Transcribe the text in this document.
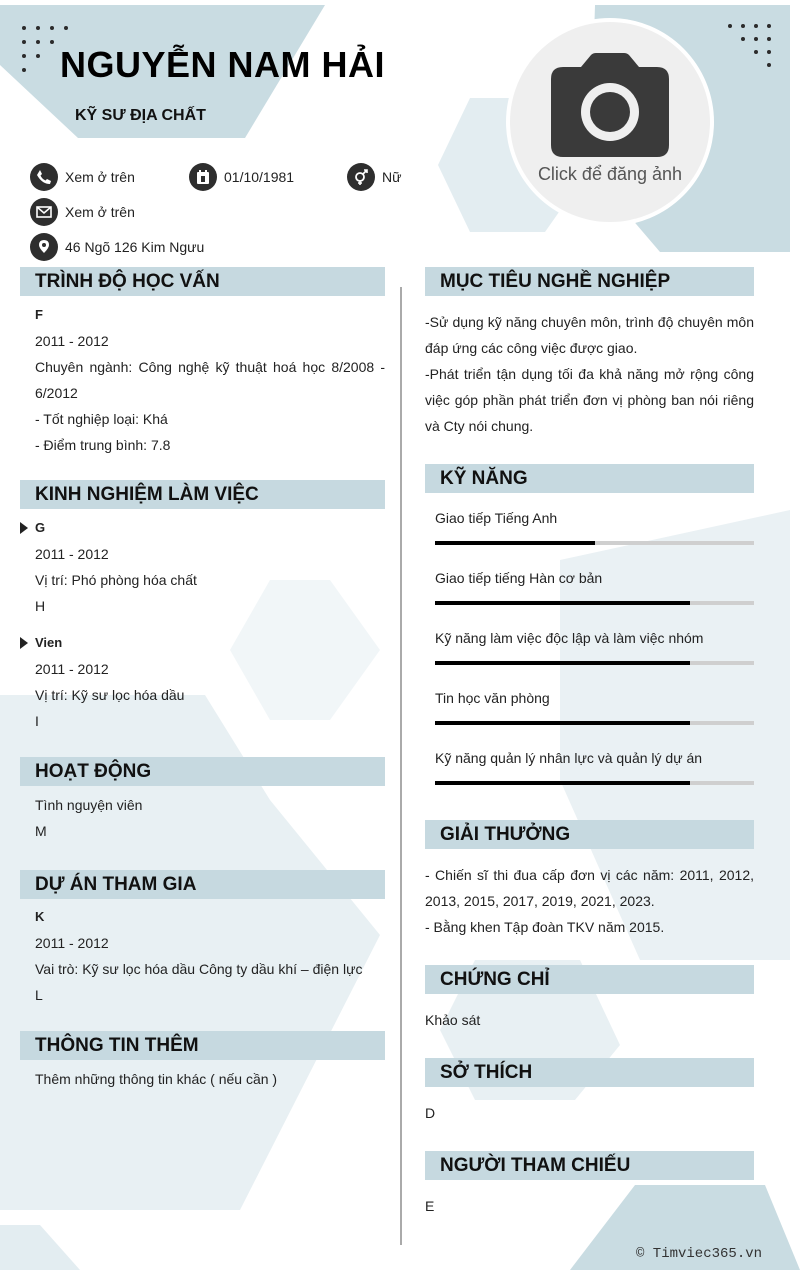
NGUYỄN NAM HẢI
KỸ SƯ ĐỊA CHẤT
Click để đăng ảnh
Xem ở trên	01/10/1981	Nữ
Xem ở trên
46 Ngõ 126 Kim Ngưu
TRÌNH ĐỘ HỌC VẤN
F
2011 - 2012
Chuyên ngành: Công nghệ kỹ thuật hoá học 8/2008 -
6/2012
- Tốt nghiệp loại: Khá
- Điểm trung bình: 7.8
KINH NGHIỆM LÀM VIỆC
G
2011 - 2012
Vị trí: Phó phòng hóa chất
H
Vien
2011 - 2012
Vị trí: Kỹ sư lọc hóa dầu
I
HOẠT ĐỘNG
Tình nguyện viên
M
DỰ ÁN THAM GIA
K
2011 - 2012
Vai trò: Kỹ sư lọc hóa dầu Công ty dầu khí – điện lực
L
THÔNG TIN THÊM
Thêm những thông tin khác ( nếu cần )
MỤC TIÊU NGHỀ NGHIỆP
-Sử dụng kỹ năng chuyên môn, trình độ chuyên môn
đáp ứng các công việc được giao.
-Phát triển tận dụng tối đa khả năng mở rộng công
việc góp phần phát triển đơn vị phòng ban nói riêng
và Cty nói chung.
KỸ NĂNG
Giao tiếp Tiếng Anh
Giao tiếp tiếng Hàn cơ bản
Kỹ năng làm việc độc lập và làm việc nhóm
Tin học văn phòng
Kỹ năng quản lý nhân lực và quản lý dự án
GIẢI THƯỞNG
- Chiến sĩ thi đua cấp đơn vị các năm: 2011, 2012,
2013, 2015, 2017, 2019, 2021, 2023.
- Bằng khen Tập đoàn TKV năm 2015.
CHỨNG CHỈ
Khảo sát
SỞ THÍCH
D
NGƯỜI THAM CHIẾU
E
© Timviec365.vn
